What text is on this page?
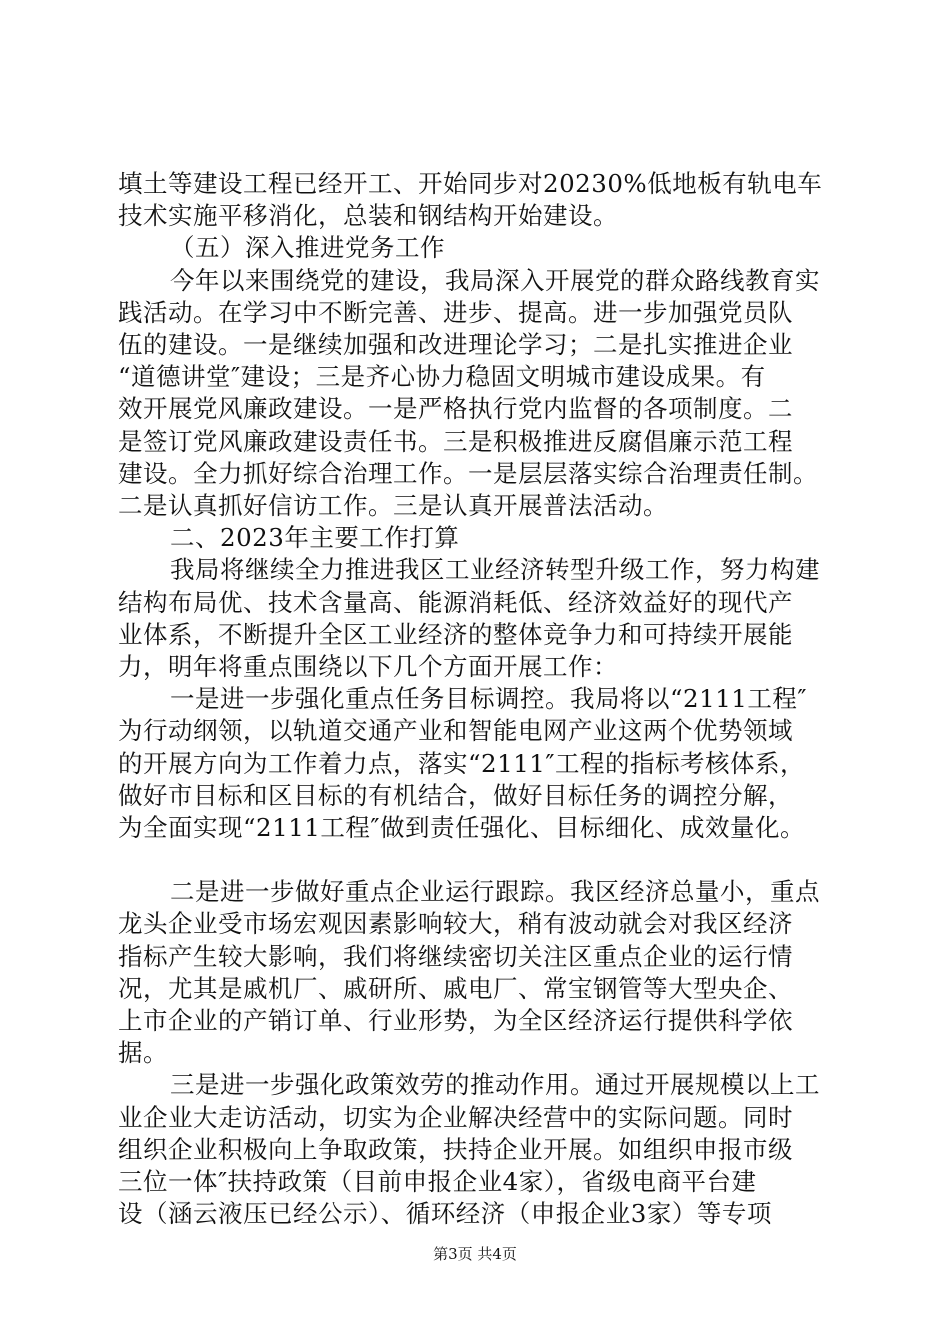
填土等建设工程已经开工、开始同步对20230%低地板有轨电车
技术实施平移消化，总装和钢结构开始建设。
（五）深入推进党务工作
今年以来围绕党的建设，我局深入开展党的群众路线教育实
践活动。在学习中不断完善、进步、提高。进一步加强党员队
伍的建设。一是继续加强和改进理论学习；二是扎实推进企业
“道德讲堂″建设；三是齐心协力稳固文明城市建设成果。有
效开展党风廉政建设。一是严格执行党内监督的各项制度。二
是签订党风廉政建设责任书。三是积极推进反腐倡廉示范工程
建设。全力抓好综合治理工作。一是层层落实综合治理责任制。
二是认真抓好信访工作。三是认真开展普法活动。
二、2023年主要工作打算
我局将继续全力推进我区工业经济转型升级工作，努力构建
结构布局优、技术含量高、能源消耗低、经济效益好的现代产
业体系，不断提升全区工业经济的整体竞争力和可持续开展能
力，明年将重点围绕以下几个方面开展工作：
一是进一步强化重点任务目标调控。我局将以“2111工程″
为行动纲领，以轨道交通产业和智能电网产业这两个优势领域
的开展方向为工作着力点，落实“2111″工程的指标考核体系，
做好市目标和区目标的有机结合，做好目标任务的调控分解，
为全面实现“2111工程″做到责任强化、目标细化、成效量化。
二是进一步做好重点企业运行跟踪。我区经济总量小，重点
龙头企业受市场宏观因素影响较大，稍有波动就会对我区经济
指标产生较大影响，我们将继续密切关注区重点企业的运行情
况，尤其是戚机厂、戚研所、戚电厂、常宝钢管等大型央企、
上市企业的产销订单、行业形势，为全区经济运行提供科学依
据。
三是进一步强化政策效劳的推动作用。通过开展规模以上工
业企业大走访活动，切实为企业解决经营中的实际问题。同时
组织企业积极向上争取政策，扶持企业开展。如组织申报市级
三位一体″扶持政策（目前申报企业4家），省级电商平台建
设（涵云液压已经公示）、循环经济（申报企业3家）等专项
第3页 共4页
